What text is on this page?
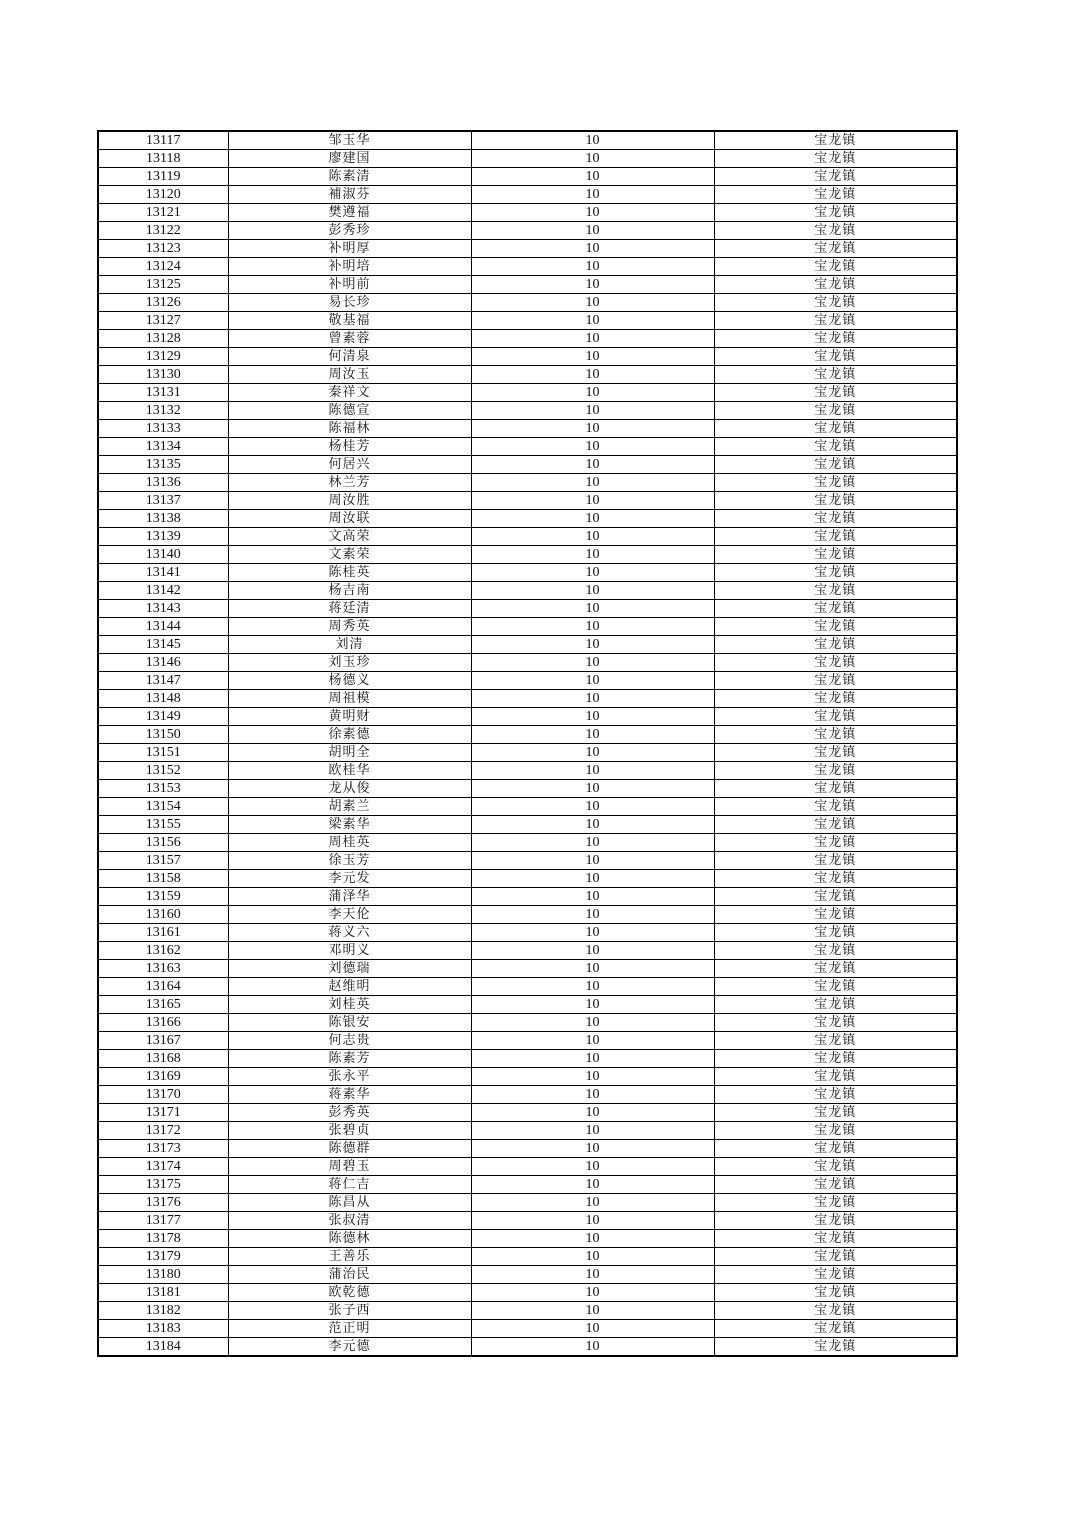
13117	邹玉华	10	宝龙镇
13118	廖建国	10	宝龙镇
13119	陈素清	10	宝龙镇
13120	補淑芬	10	宝龙镇
13121	樊遵福	10	宝龙镇
13122	彭秀珍	10	宝龙镇
13123	补明厚	10	宝龙镇
13124	补明培	10	宝龙镇
13125	补明前	10	宝龙镇
13126	易长珍	10	宝龙镇
13127	敬基福	10	宝龙镇
13128	曾素蓉	10	宝龙镇
13129	何清泉	10	宝龙镇
13130	周汝玉	10	宝龙镇
13131	秦祥文	10	宝龙镇
13132	陈德宣	10	宝龙镇
13133	陈福林	10	宝龙镇
13134	杨桂芳	10	宝龙镇
13135	何居兴	10	宝龙镇
13136	林兰芳	10	宝龙镇
13137	周汝胜	10	宝龙镇
13138	周汝联	10	宝龙镇
13139	文高荣	10	宝龙镇
13140	文素荣	10	宝龙镇
13141	陈桂英	10	宝龙镇
13142	杨吉南	10	宝龙镇
13143	蒋廷清	10	宝龙镇
13144	周秀英	10	宝龙镇
13145	刘清	10	宝龙镇
13146	刘玉珍	10	宝龙镇
13147	杨德义	10	宝龙镇
13148	周祖模	10	宝龙镇
13149	黄明财	10	宝龙镇
13150	徐素德	10	宝龙镇
13151	胡明全	10	宝龙镇
13152	欧桂华	10	宝龙镇
13153	龙从俊	10	宝龙镇
13154	胡素兰	10	宝龙镇
13155	梁素华	10	宝龙镇
13156	周桂英	10	宝龙镇
13157	徐玉芳	10	宝龙镇
13158	李元发	10	宝龙镇
13159	蒲泽华	10	宝龙镇
13160	李天伦	10	宝龙镇
13161	蒋义六	10	宝龙镇
13162	邓明义	10	宝龙镇
13163	刘德瑞	10	宝龙镇
13164	赵维明	10	宝龙镇
13165	刘桂英	10	宝龙镇
13166	陈银安	10	宝龙镇
13167	何志贵	10	宝龙镇
13168	陈素芳	10	宝龙镇
13169	张永平	10	宝龙镇
13170	蒋素华	10	宝龙镇
13171	彭秀英	10	宝龙镇
13172	张碧贞	10	宝龙镇
13173	陈德群	10	宝龙镇
13174	周碧玉	10	宝龙镇
13175	蒋仁吉	10	宝龙镇
13176	陈昌从	10	宝龙镇
13177	张叔清	10	宝龙镇
13178	陈德林	10	宝龙镇
13179	王善乐	10	宝龙镇
13180	蒲治民	10	宝龙镇
13181	欧乾德	10	宝龙镇
13182	张子西	10	宝龙镇
13183	范正明	10	宝龙镇
13184	李元德	10	宝龙镇
